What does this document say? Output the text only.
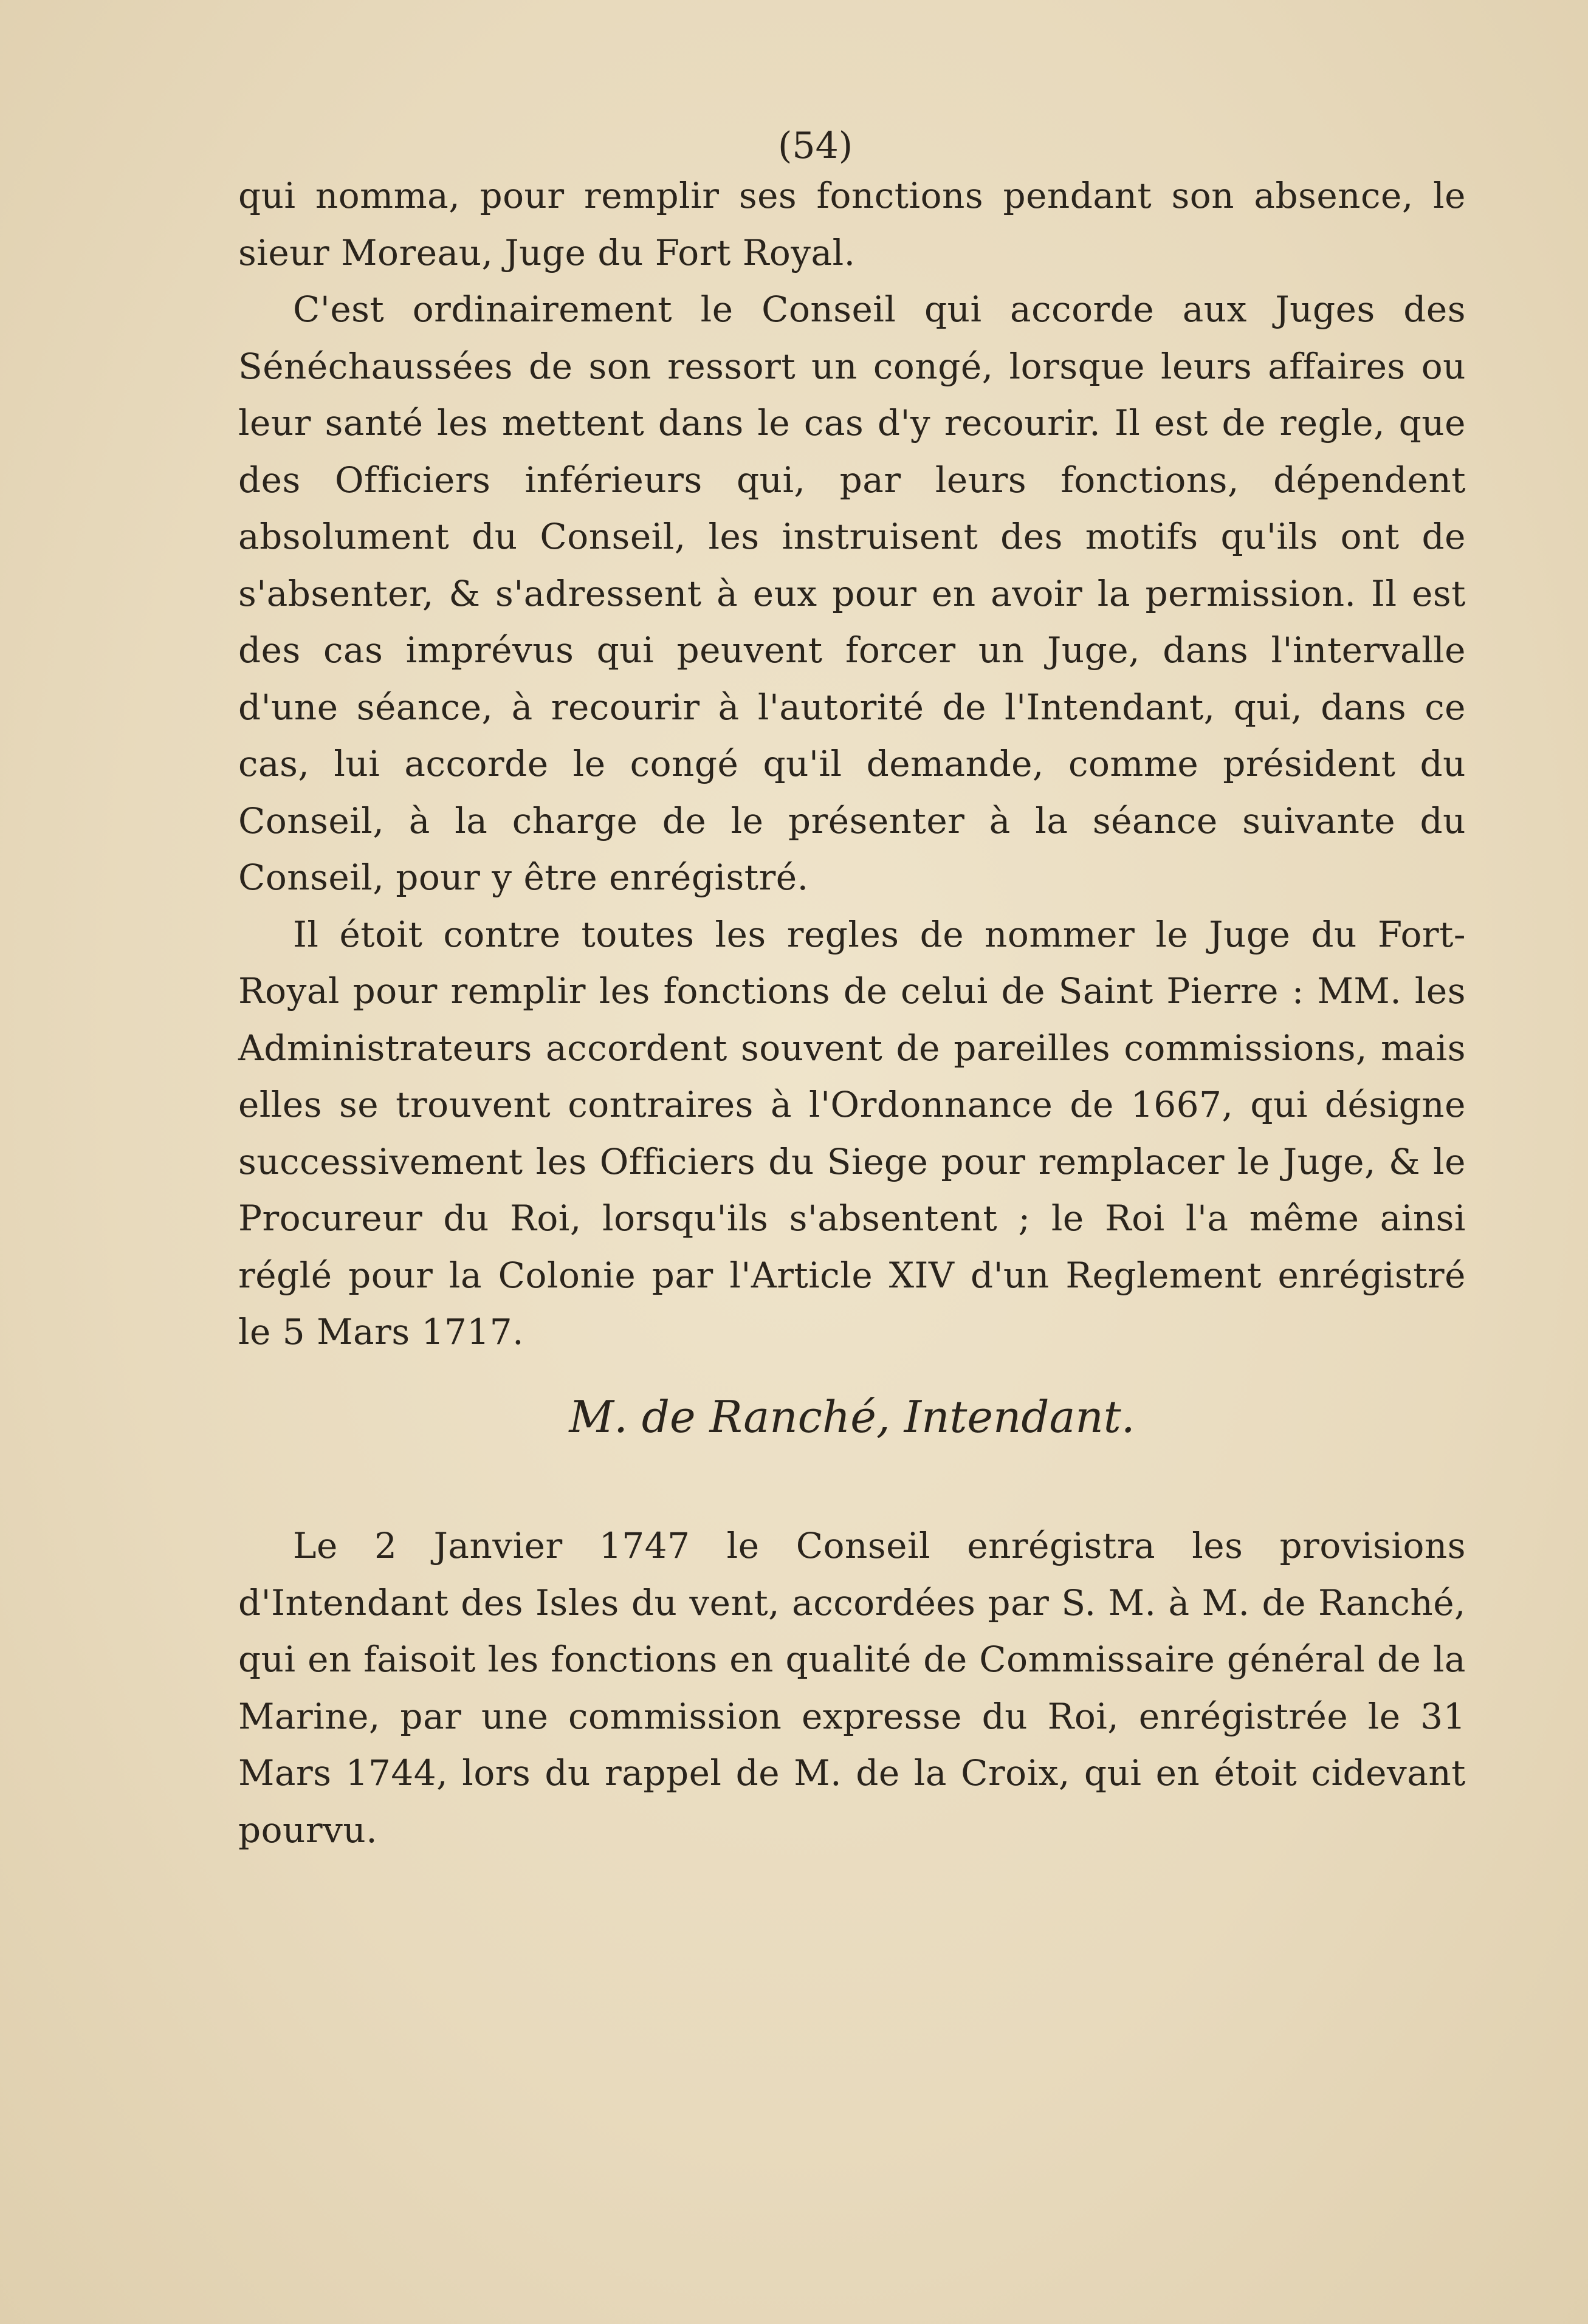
(54)

qui nomma, pour remplir ses fonctions pendant son absence, le sieur Moreau, Juge du Fort Royal.

C'est ordinairement le Conseil qui accorde aux Juges des Sénéchaussées de son ressort un congé, lorsque leurs affaires ou leur santé les mettent dans le cas d'y recourir. Il est de regle, que des Officiers inférieurs qui, par leurs fonctions, dépendent absolument du Conseil, les instruisent des motifs qu'ils ont de s'absenter, & s'adressent à eux pour en avoir la permission. Il est des cas imprévus qui peuvent forcer un Juge, dans l'intervalle d'une séance, à recourir à l'autorité de l'Intendant, qui, dans ce cas, lui accorde le congé qu'il demande, comme président du Conseil, à la charge de le présenter à la séance suivante du Conseil, pour y être enrégistré.

Il étoit contre toutes les regles de nommer le Juge du Fort-Royal pour remplir les fonctions de celui de Saint Pierre : MM. les Administrateurs accordent souvent de pareilles commissions, mais elles se trouvent contraires à l'Ordonnance de 1667, qui désigne successivement les Officiers du Siege pour remplacer le Juge, & le Procureur du Roi, lorsqu'ils s'absentent ; le Roi l'a même ainsi réglé pour la Colonie par l'Article XIV d'un Reglement enrégistré le 5 Mars 1717.

M. de Ranché, Intendant.

Le 2 Janvier 1747 le Conseil enrégistra les provisions d'Intendant des Isles du vent, accordées par S. M. à M. de Ranché, qui en faisoit les fonctions en qualité de Commissaire général de la Marine, par une commission expresse du Roi, enrégistrée le 31 Mars 1744, lors du rappel de M. de la Croix, qui en étoit cidevant pourvu.
